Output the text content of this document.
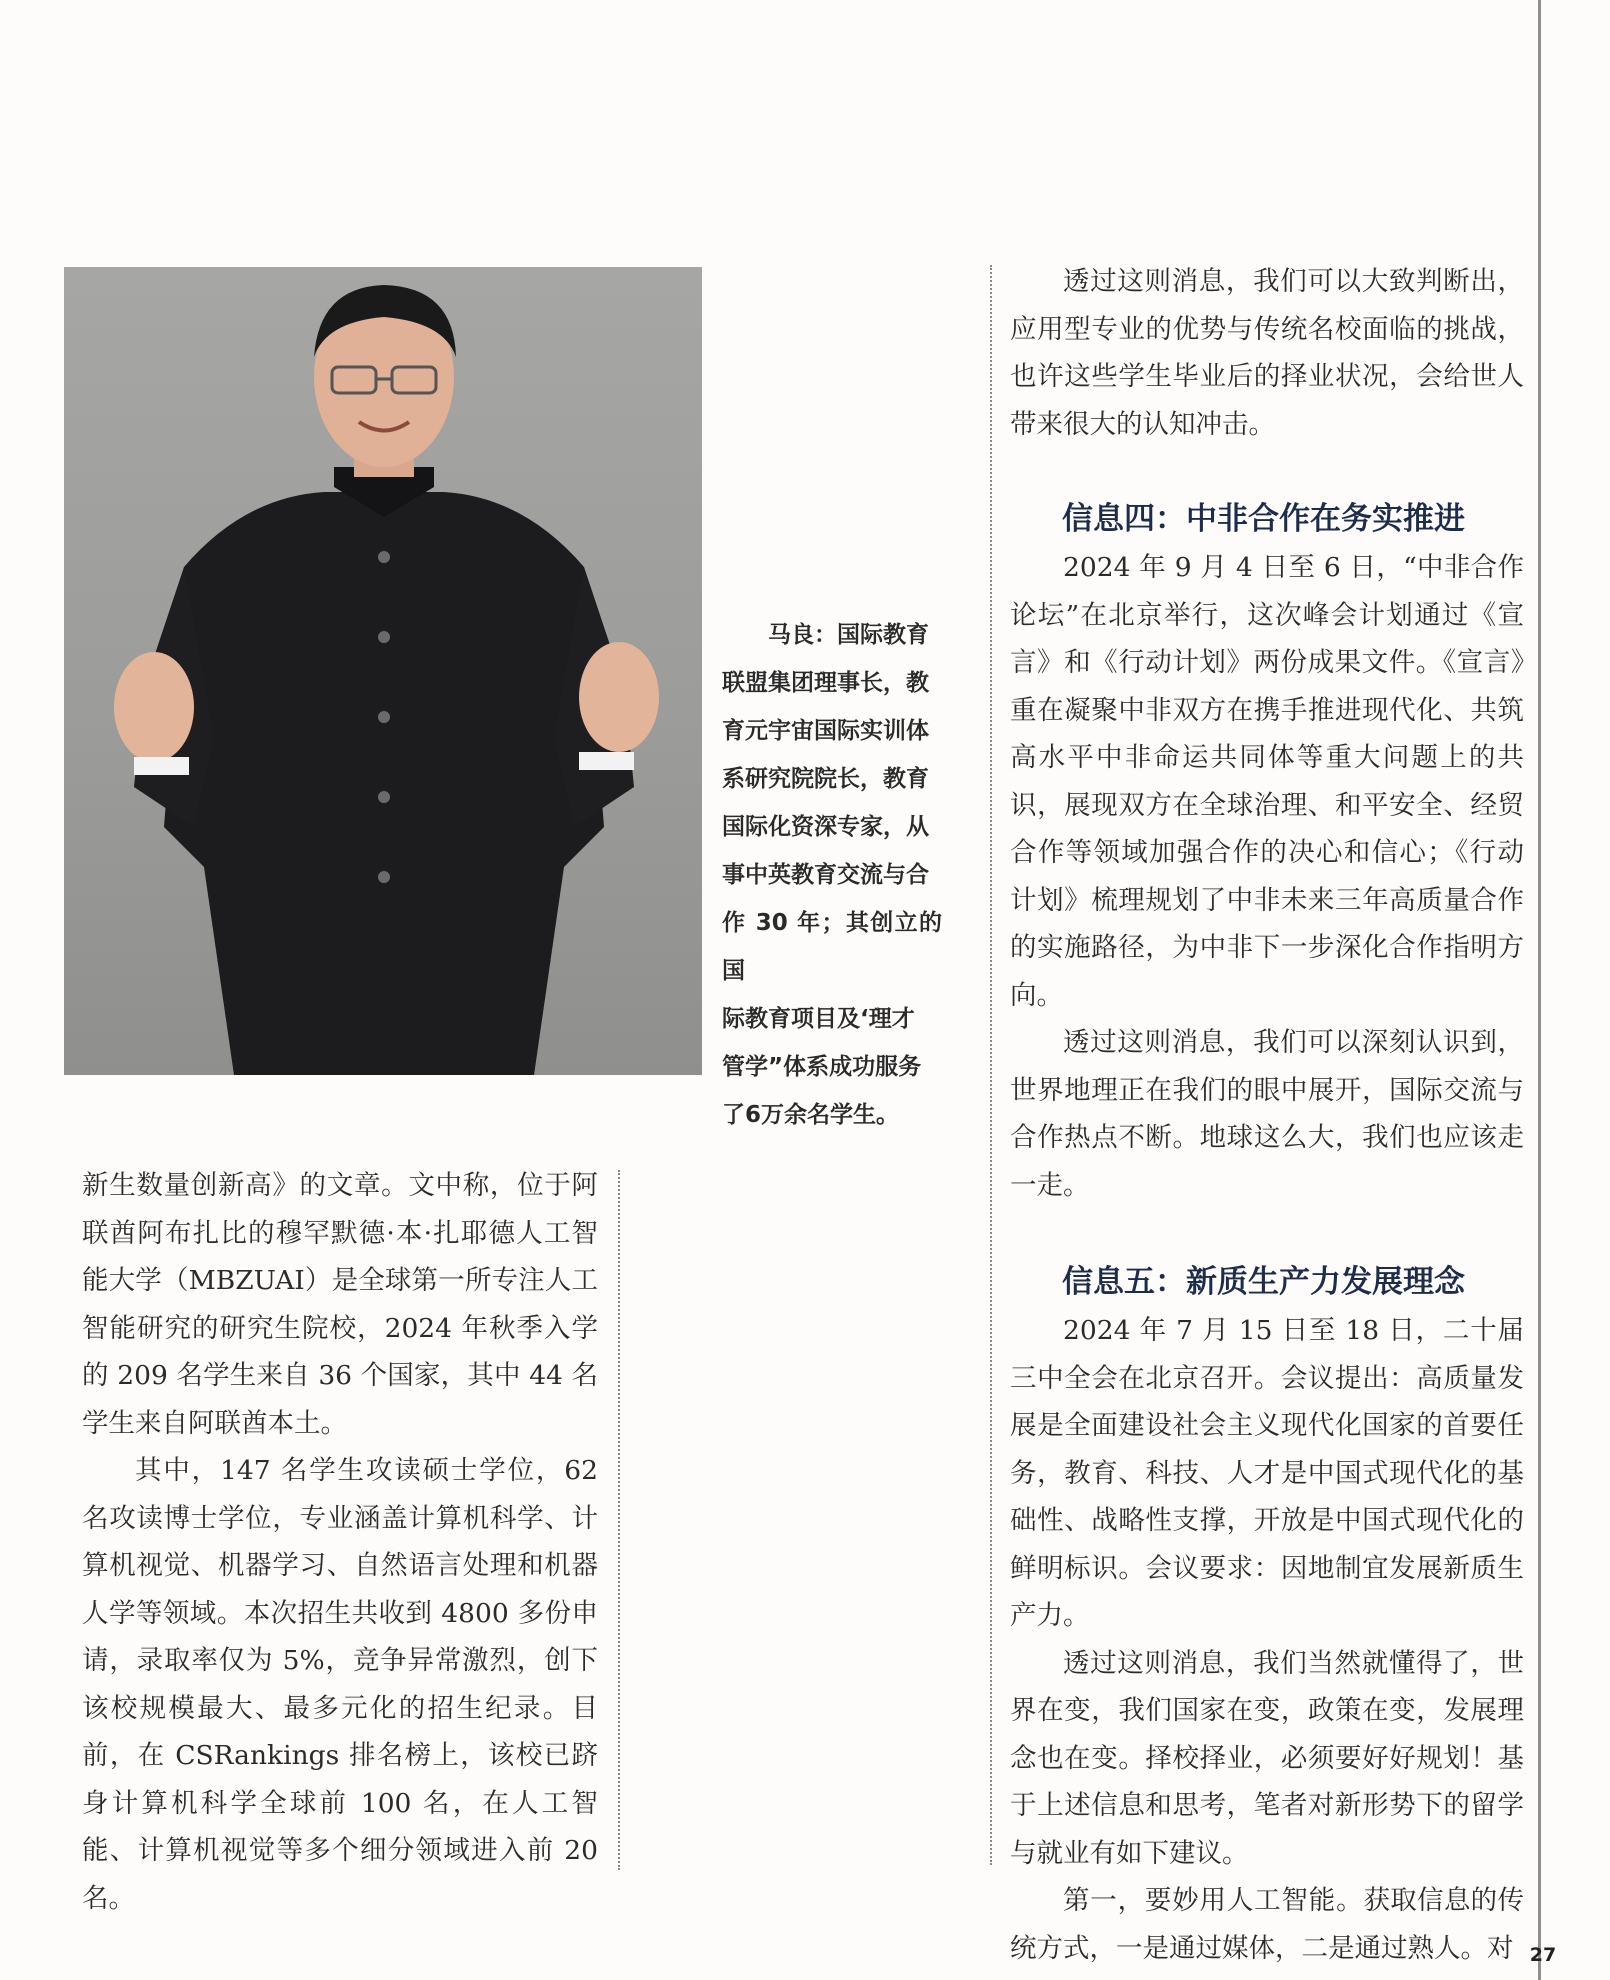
马良：国际教育

联盟集团理事长，教

育元宇宙国际实训体

系研究院院长，教育

国际化资深专家，从

事中英教育交流与合

作 30 年；其创立的国

际教育项目及‘理才

管学”体系成功服务

了6万余名学生。

新生数量创新高》的文章。文中称，位于阿联酋阿布扎比的穆罕默德·本·扎耶德人工智能大学（MBZUAI）是全球第一所专注人工智能研究的研究生院校，2024 年秋季入学的 209 名学生来自 36 个国家，其中 44 名学生来自阿联酋本土。

其中，147 名学生攻读硕士学位，62 名攻读博士学位，专业涵盖计算机科学、计算机视觉、机器学习、自然语言处理和机器人学等领域。本次招生共收到 4800 多份申请，录取率仅为 5%，竞争异常激烈，创下该校规模最大、最多元化的招生纪录。目前，在 CSRankings 排名榜上，该校已跻身计算机科学全球前 100 名，在人工智能、计算机视觉等多个细分领域进入前 20 名。

透过这则消息，我们可以大致判断出，应用型专业的优势与传统名校面临的挑战，也许这些学生毕业后的择业状况，会给世人带来很大的认知冲击。

信息四：中非合作在务实推进

2024 年 9 月 4 日至 6 日，“中非合作论坛”在北京举行，这次峰会计划通过《宣言》和《行动计划》两份成果文件。《宣言》重在凝聚中非双方在携手推进现代化、共筑高水平中非命运共同体等重大问题上的共识，展现双方在全球治理、和平安全、经贸合作等领域加强合作的决心和信心；《行动计划》梳理规划了中非未来三年高质量合作的实施路径，为中非下一步深化合作指明方向。

透过这则消息，我们可以深刻认识到，世界地理正在我们的眼中展开，国际交流与合作热点不断。地球这么大，我们也应该走一走。

信息五：新质生产力发展理念

2024 年 7 月 15 日至 18 日，二十届三中全会在北京召开。会议提出：高质量发展是全面建设社会主义现代化国家的首要任务，教育、科技、人才是中国式现代化的基础性、战略性支撑，开放是中国式现代化的鲜明标识。会议要求：因地制宜发展新质生产力。

透过这则消息，我们当然就懂得了，世界在变，我们国家在变，政策在变，发展理念也在变。择校择业，必须要好好规划！基于上述信息和思考，笔者对新形势下的留学与就业有如下建议。

第一，要妙用人工智能。获取信息的传统方式，一是通过媒体，二是通过熟人。对 27
